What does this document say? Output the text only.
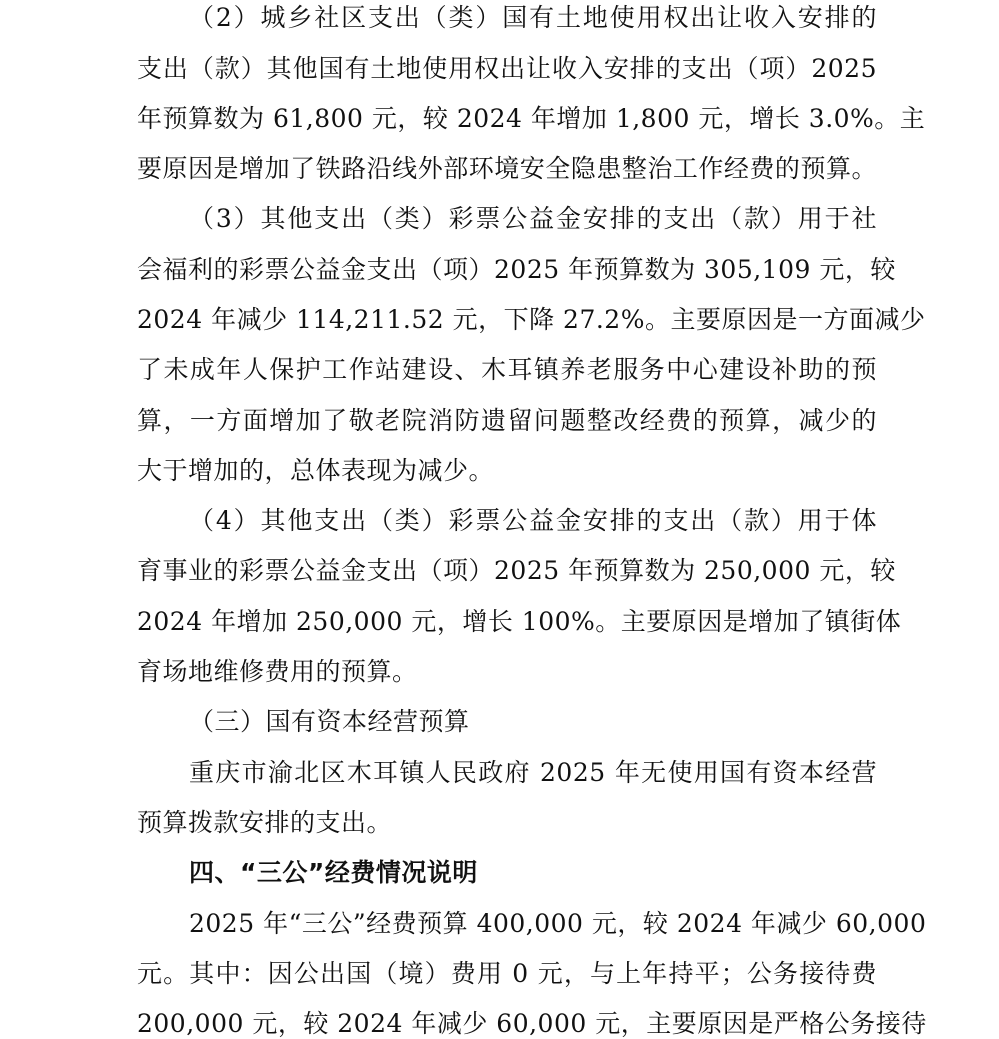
（2）城乡社区支出（类）国有土地使用权出让收入安排的
支出（款）其他国有土地使用权出让收入安排的支出（项）2025
年预算数为 61,800 元，较 2024 年增加 1,800 元，增长 3.0%。主
要原因是增加了铁路沿线外部环境安全隐患整治工作经费的预算。
（3）其他支出（类）彩票公益金安排的支出（款）用于社
会福利的彩票公益金支出（项）2025 年预算数为 305,109 元，较
2024 年减少 114,211.52 元，下降 27.2%。主要原因是一方面减少
了未成年人保护工作站建设、木耳镇养老服务中心建设补助的预
算，一方面增加了敬老院消防遗留问题整改经费的预算，减少的
大于增加的，总体表现为减少。
（4）其他支出（类）彩票公益金安排的支出（款）用于体
育事业的彩票公益金支出（项）2025 年预算数为 250,000 元，较
2024 年增加 250,000 元，增长 100%。主要原因是增加了镇街体
育场地维修费用的预算。
（三）国有资本经营预算
重庆市渝北区木耳镇人民政府 2025 年无使用国有资本经营
预算拨款安排的支出。
四、“三公”经费情况说明
2025 年“三公”经费预算 400,000 元，较 2024 年减少 60,000
元。其中：因公出国（境）费用 0 元，与上年持平；公务接待费
200,000 元，较 2024 年减少 60,000 元，主要原因是严格公务接待
